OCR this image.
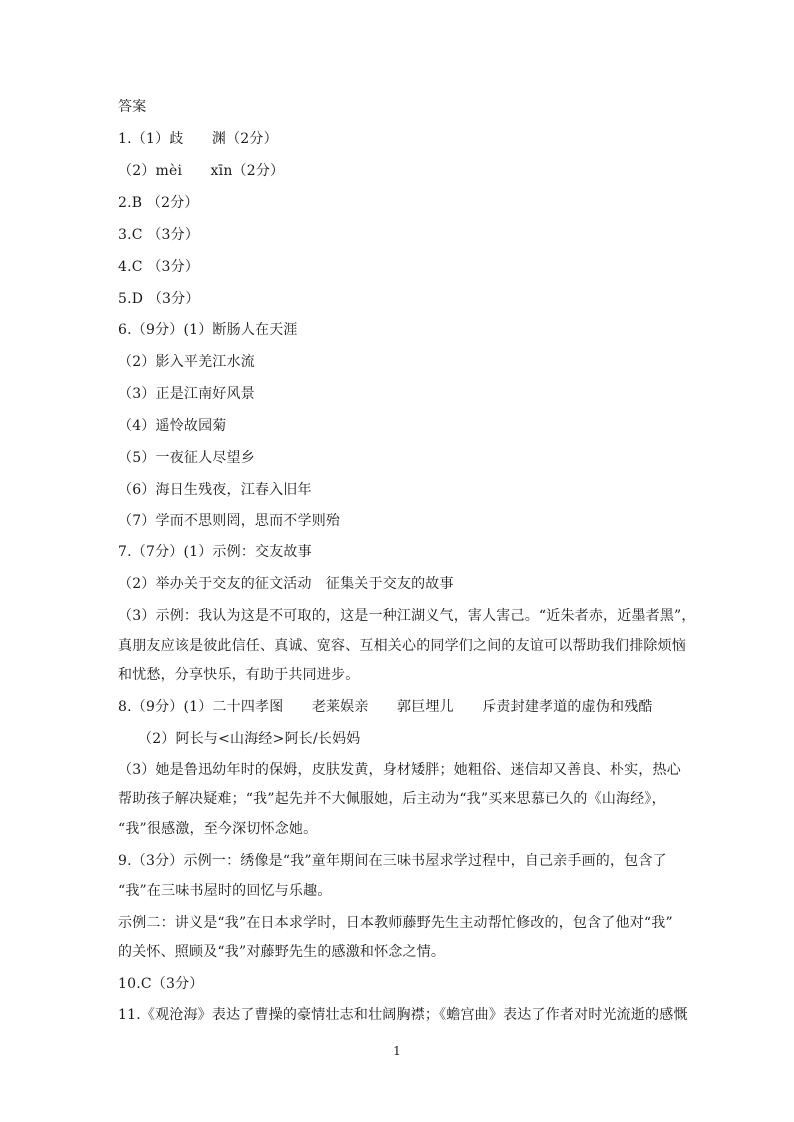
答案
1.（1）歧　　渊（2分）
（2）mèi　　xīn（2分）
2.B （2分）
3.C （3分）
4.C （3分）
5.D （3分）
6.（9分）(1）断肠人在天涯
（2）影入平羌江水流
（3）正是江南好风景
（4）遥怜故园菊
（5）一夜征人尽望乡
（6）海日生残夜，江春入旧年
（7）学而不思则罔，思而不学则殆
7.（7分）(1）示例：交友故事
（2）举办关于交友的征文活动　征集关于交友的故事
（3）示例：我认为这是不可取的，这是一种江湖义气，害人害己。“近朱者赤，近墨者黑”，
真朋友应该是彼此信任、真诚、宽容、互相关心的同学们之间的友谊可以帮助我们排除烦恼
和忧愁，分享快乐，有助于共同进步。
8.（9分）(1）二十四孝图　　老莱娱亲　　郭巨埋儿　　斥责封建孝道的虚伪和残酷
（2）阿长与<山海经>阿长/长妈妈
（3）她是鲁迅幼年时的保姆，皮肤发黄，身材矮胖；她粗俗、迷信却又善良、朴实，热心
帮助孩子解决疑难；“我”起先并不大佩服她，后主动为“我”买来思慕已久的《山海经》，
“我”很感激，至今深切怀念她。
9.（3分）示例一：绣像是“我”童年期间在三味书屋求学过程中，自己亲手画的，包含了
“我”在三味书屋时的回忆与乐趣。
示例二：讲义是“我”在日本求学时，日本教师藤野先生主动帮忙修改的，包含了他对“我”
的关怀、照顾及“我”对藤野先生的感激和怀念之情。
10.C（3分）
11.《观沧海》表达了曹操的豪情壮志和壮阔胸襟；《蟾宫曲》表达了作者对时光流逝的感慨
1
